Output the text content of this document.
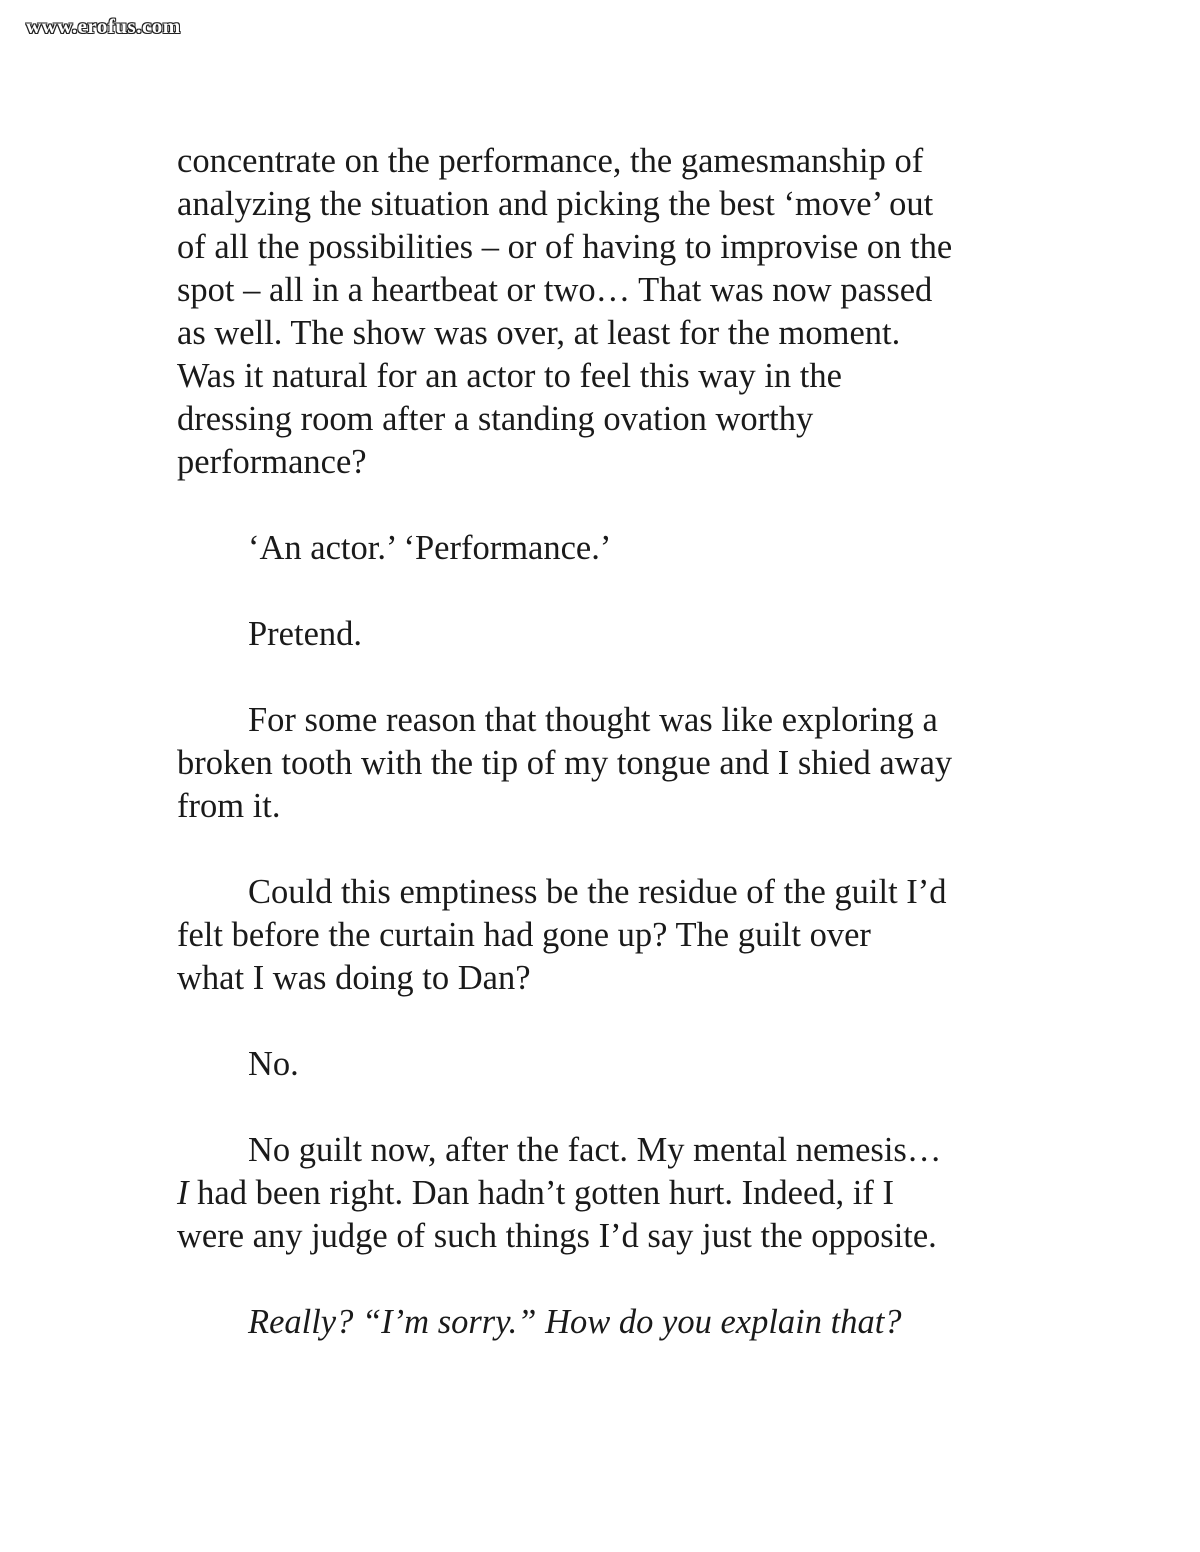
www.erofus.com
concentrate on the performance, the gamesmanship of
analyzing the situation and picking the best ‘move’ out
of all the possibilities – or of having to improvise on the
spot – all in a heartbeat or two… That was now passed
as well. The show was over, at least for the moment.
Was it natural for an actor to feel this way in the
dressing room after a standing ovation worthy
performance?
‘An actor.’ ‘Performance.’
Pretend.
For some reason that thought was like exploring a
broken tooth with the tip of my tongue and I shied away
from it.
Could this emptiness be the residue of the guilt I’d
felt before the curtain had gone up? The guilt over
what I was doing to Dan?
No.
No guilt now, after the fact. My mental nemesis…
I had been right. Dan hadn’t gotten hurt. Indeed, if I
were any judge of such things I’d say just the opposite.
Really? “I’m sorry.” How do you explain that?
